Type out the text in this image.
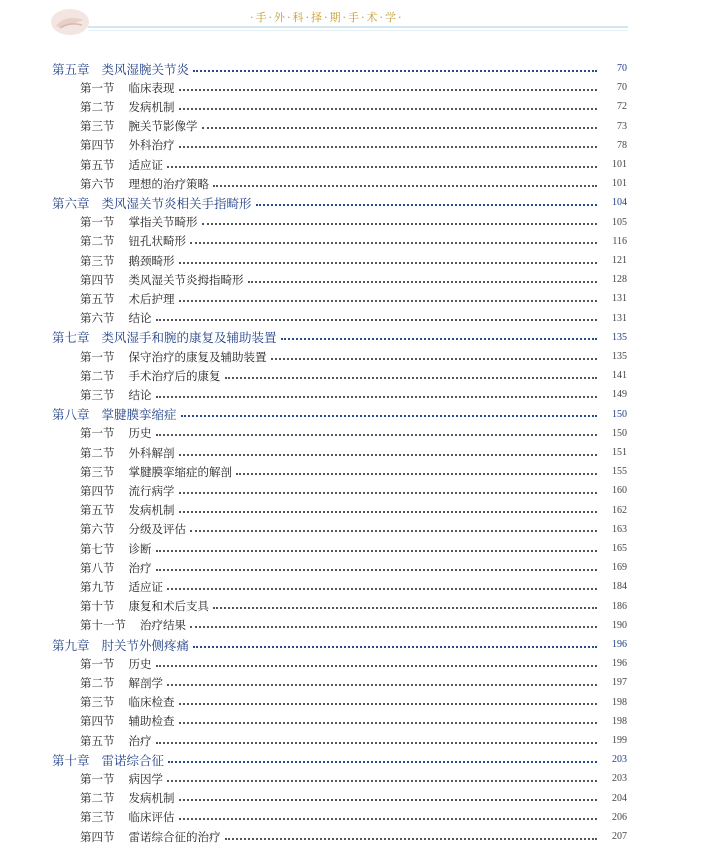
·手·外·科·择·期·手·术·学·
第五章 类风湿腕关节炎	70
第一节 临床表现	70
第二节 发病机制	72
第三节 腕关节影像学	73
第四节 外科治疗	78
第五节 适应证	101
第六节 理想的治疗策略	101
第六章 类风湿关节炎相关手指畸形	104
第一节 掌指关节畸形	105
第二节 钮孔状畸形	116
第三节 鹅颈畸形	121
第四节 类风湿关节炎拇指畸形	128
第五节 术后护理	131
第六节 结论	131
第七章 类风湿手和腕的康复及辅助装置	135
第一节 保守治疗的康复及辅助装置	135
第二节 手术治疗后的康复	141
第三节 结论	149
第八章 掌腱膜挛缩症	150
第一节 历史	150
第二节 外科解剖	151
第三节 掌腱膜挛缩症的解剖	155
第四节 流行病学	160
第五节 发病机制	162
第六节 分级及评估	163
第七节 诊断	165
第八节 治疗	169
第九节 适应证	184
第十节 康复和术后支具	186
第十一节 治疗结果	190
第九章 肘关节外侧疼痛	196
第一节 历史	196
第二节 解剖学	197
第三节 临床检查	198
第四节 辅助检查	198
第五节 治疗	199
第十章 雷诺综合征	203
第一节 病因学	203
第二节 发病机制	204
第三节 临床评估	206
第四节 雷诺综合征的治疗	207
